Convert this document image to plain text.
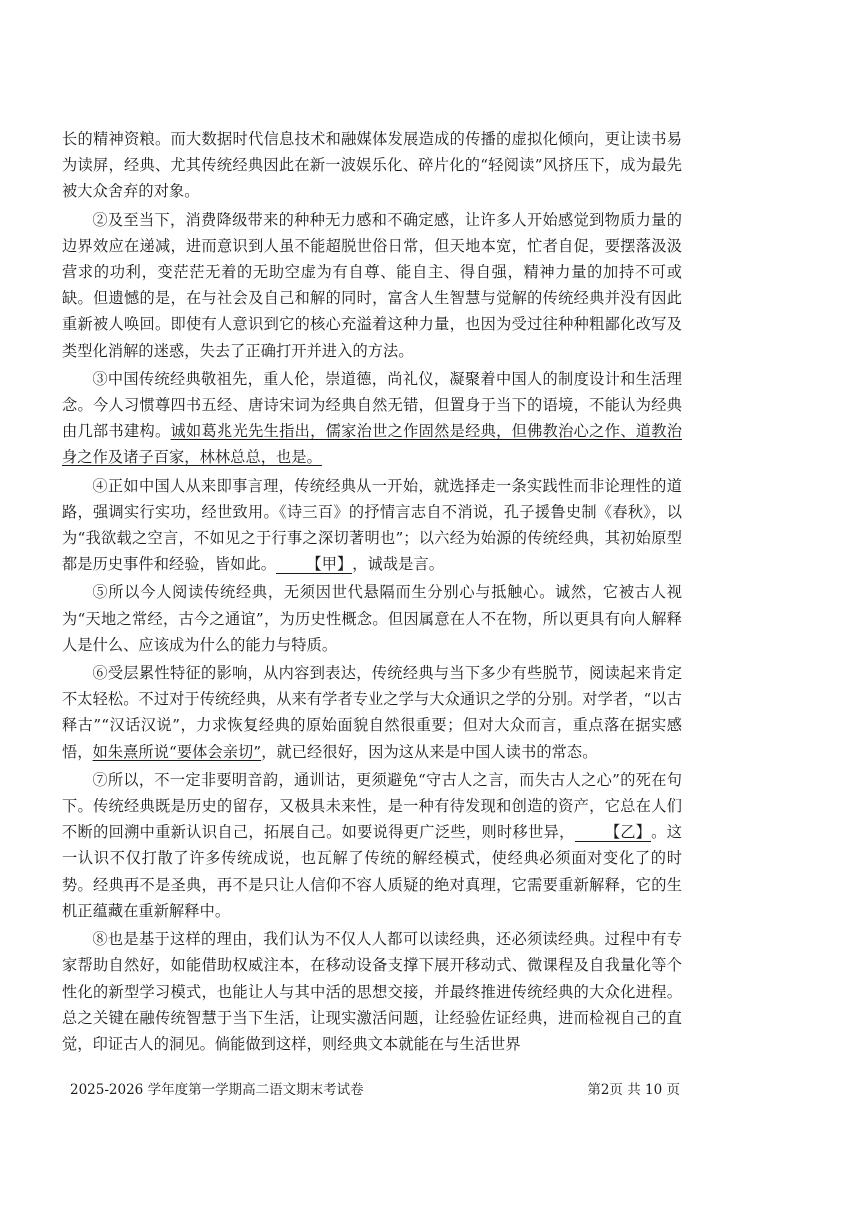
长的精神资粮。而大数据时代信息技术和融媒体发展造成的传播的虚拟化倾向，更让读书易为读屏，经典、尤其传统经典因此在新一波娱乐化、碎片化的“轻阅读”风挤压下，成为最先被大众舍弃的对象。

②及至当下，消费降级带来的种种无力感和不确定感，让许多人开始感觉到物质力量的边界效应在递减，进而意识到人虽不能超脱世俗日常，但天地本宽，忙者自促，要摆落汲汲营求的功利，变茫茫无着的无助空虚为有自尊、能自主、得自强，精神力量的加持不可或缺。但遗憾的是，在与社会及自己和解的同时，富含人生智慧与觉解的传统经典并没有因此重新被人唤回。即使有人意识到它的核心充溢着这种力量，也因为受过往种种粗鄙化改写及类型化消解的迷惑，失去了正确打开并进入的方法。

③中国传统经典敬祖先，重人伦，崇道德，尚礼仪，凝聚着中国人的制度设计和生活理念。今人习惯尊四书五经、唐诗宋词为经典自然无错，但置身于当下的语境，不能认为经典由几部书建构。诚如葛兆光先生指出，儒家治世之作固然是经典，但佛教治心之作、道教治身之作及诸子百家，林林总总，也是。

④正如中国人从来即事言理，传统经典从一开始，就选择走一条实践性而非论理性的道路，强调实行实功，经世致用。《诗三百》的抒情言志自不消说，孔子援鲁史制《春秋》，以为“我欲载之空言，不如见之于行事之深切著明也”；以六经为始源的传统经典，其初始原型都是历史事件和经验，皆如此。 【甲】，诚哉是言。

⑤所以今人阅读传统经典，无须因世代悬隔而生分别心与抵触心。诚然，它被古人视为“天地之常经，古今之通谊”，为历史性概念。但因属意在人不在物，所以更具有向人解释人是什么、应该成为什么的能力与特质。

⑥受层累性特征的影响，从内容到表达，传统经典与当下多少有些脱节，阅读起来肯定不太轻松。不过对于传统经典，从来有学者专业之学与大众通识之学的分别。对学者，“以古释古”“汉话汉说”，力求恢复经典的原始面貌自然很重要；但对大众而言，重点落在据实感悟，如朱熹所说“要体会亲切”，就已经很好，因为这从来是中国人读书的常态。

⑦所以，不一定非要明音韵，通训诂，更须避免“守古人之言，而失古人之心”的死在句下。传统经典既是历史的留存，又极具未来性，是一种有待发现和创造的资产，它总在人们不断的回溯中重新认识自己，拓展自己。如要说得更广泛些，则时移世异， 【乙】。这一认识不仅打散了许多传统成说，也瓦解了传统的解经模式，使经典必须面对变化了的时势。经典再不是圣典，再不是只让人信仰不容人质疑的绝对真理，它需要重新解释，它的生机正蕴藏在重新解释中。

⑧也是基于这样的理由，我们认为不仅人人都可以读经典，还必须读经典。过程中有专家帮助自然好，如能借助权威注本，在移动设备支撑下展开移动式、微课程及自我量化等个性化的新型学习模式，也能让人与其中活的思想交接，并最终推进传统经典的大众化进程。总之关键在融传统智慧于当下生活，让现实激活问题，让经验佐证经典，进而检视自己的直觉，印证古人的洞见。倘能做到这样，则经典文本就能在与生活世界

2025-2026 学年度第一学期高二语文期末考试卷	第2页 共 10 页
